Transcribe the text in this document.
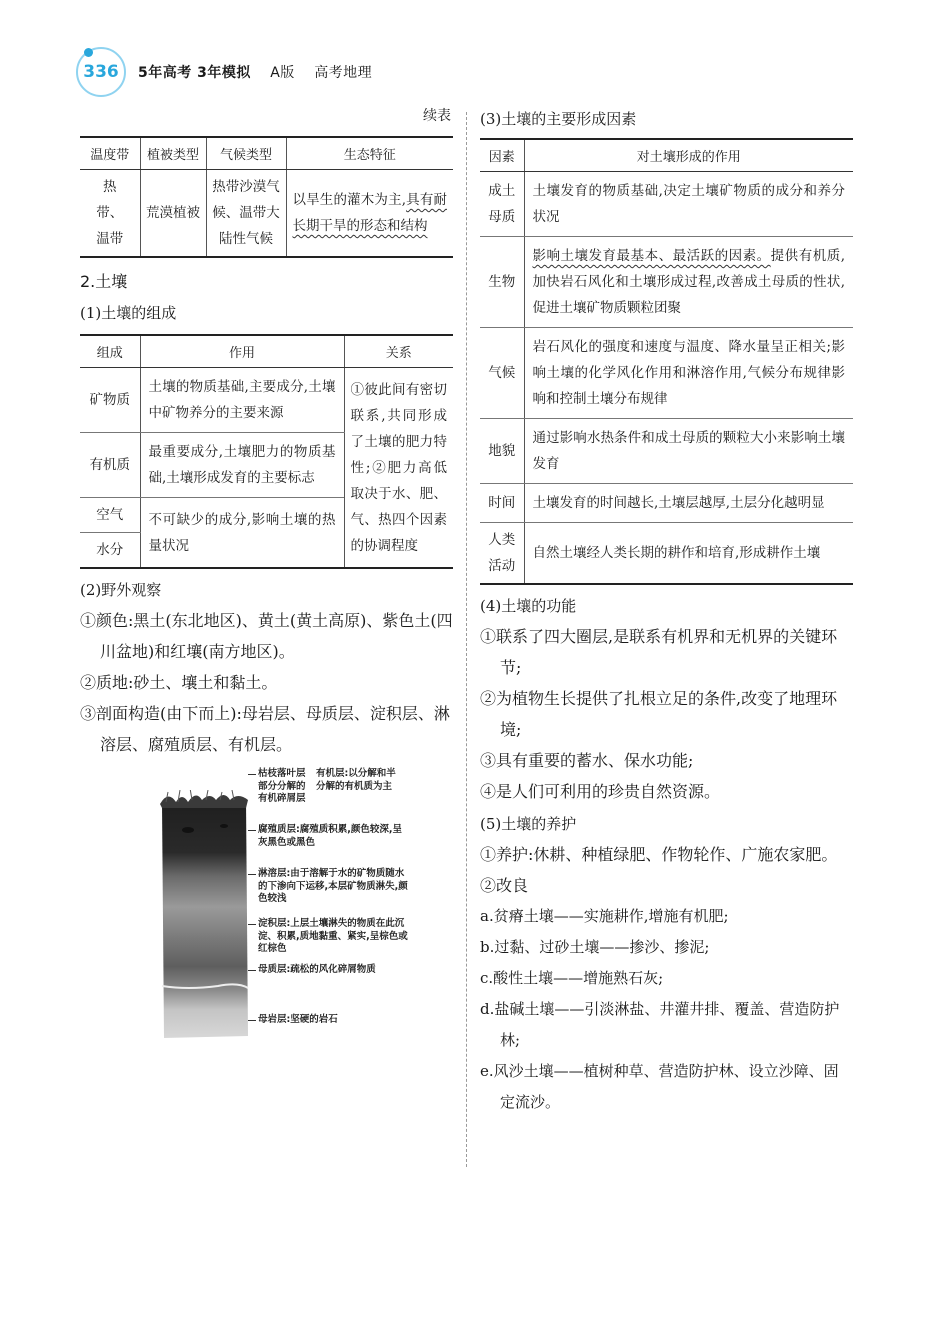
336 5年高考 3年模拟 A版 高考地理
续表
温度带	植被类型	气候类型	生态特征
热带、温带	荒漠植被	热带沙漠气候、温带大陆性气候	以旱生的灌木为主,具有耐长期干旱的形态和结构
2.土壤
(1)土壤的组成
组成	作用	关系
矿物质	土壤的物质基础,主要成分,土壤中矿物养分的主要来源	①彼此间有密切联系,共同形成了土壤的肥力特性;②肥力高低取决于水、肥、气、热四个因素的协调程度
有机质	最重要成分,土壤肥力的物质基础,土壤形成发育的主要标志	
空气	不可缺少的成分,影响土壤的热量状况	
水分		
(2)野外观察
①颜色:黑土(东北地区)、黄土(黄土高原)、紫色土(四川盆地)和红壤(南方地区)。
②质地:砂土、壤土和黏土。
③剖面构造(由下而上):母岩层、母质层、淀积层、淋溶层、腐殖质层、有机层。
枯枝落叶层
部分分解的
有机碎屑层
有机层:以分解和半分解的有机质为主
腐殖质层:腐殖质积累,颜色较深,呈灰黑色或黑色
淋溶层:由于溶解于水的矿物质随水的下渗向下运移,本层矿物质淋失,颜色较浅
淀积层:上层土壤淋失的物质在此沉淀、积累,质地黏重、紧实,呈棕色或红棕色
母质层:疏松的风化碎屑物质
母岩层:坚硬的岩石
(3)土壤的主要形成因素
因素	对土壤形成的作用
成土母质	土壤发育的物质基础,决定土壤矿物质的成分和养分状况
生物	影响土壤发育最基本、最活跃的因素。提供有机质,加快岩石风化和土壤形成过程,改善成土母质的性状,促进土壤矿物质颗粒团聚
气候	岩石风化的强度和速度与温度、降水量呈正相关;影响土壤的化学风化作用和淋溶作用,气候分布规律影响和控制土壤分布规律
地貌	通过影响水热条件和成土母质的颗粒大小来影响土壤发育
时间	土壤发育的时间越长,土壤层越厚,土层分化越明显
人类活动	自然土壤经人类长期的耕作和培育,形成耕作土壤
(4)土壤的功能
①联系了四大圈层,是联系有机界和无机界的关键环节;
②为植物生长提供了扎根立足的条件,改变了地理环境;
③具有重要的蓄水、保水功能;
④是人们可利用的珍贵自然资源。
(5)土壤的养护
①养护:休耕、种植绿肥、作物轮作、广施农家肥。
②改良
a.贫瘠土壤——实施耕作,增施有机肥;
b.过黏、过砂土壤——掺沙、掺泥;
c.酸性土壤——增施熟石灰;
d.盐碱土壤——引淡淋盐、井灌井排、覆盖、营造防护林;
e.风沙土壤——植树种草、营造防护林、设立沙障、固定流沙。
